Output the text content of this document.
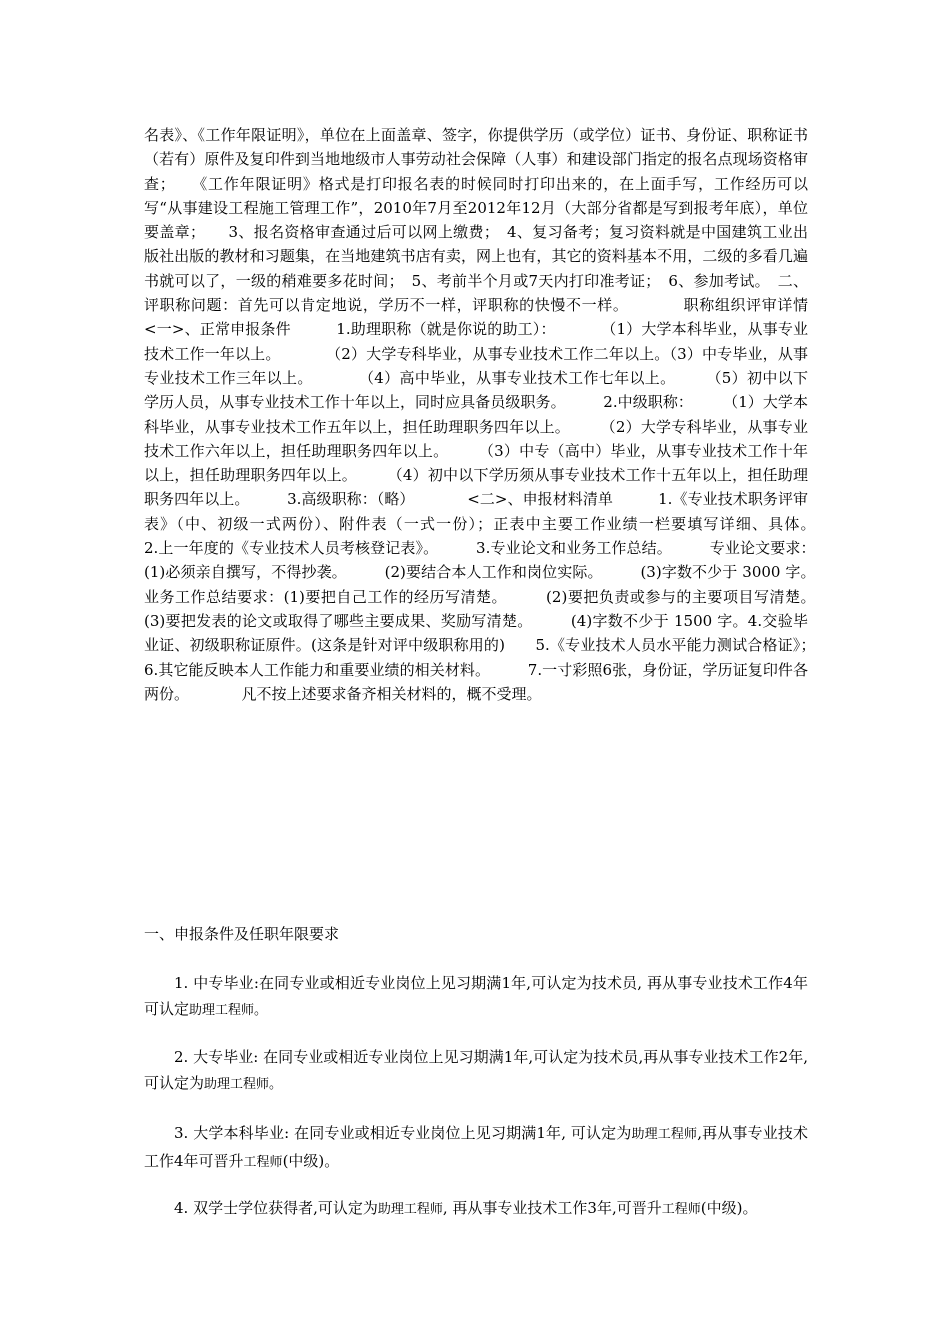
名表》、《工作年限证明》，单位在上面盖章、签字，你提供学历（或学位）证书、身份证、职称证书（若有）原件及复印件到当地地级市人事劳动社会保障（人事）和建设部门指定的报名点现场资格审查；　　《工作年限证明》格式是打印报名表的时候同时打印出来的，在上面手写，工作经历可以写“从事建设工程施工管理工作”，2010年7月至2012年12月（大部分省都是写到报考年底），单位要盖章；　　3、报名资格审查通过后可以网上缴费；　4、复习备考；复习资料就是中国建筑工业出版社出版的教材和习题集，在当地建筑书店有卖，网上也有，其它的资料基本不用，二级的多看几遍书就可以了，一级的稍难要多花时间；　5、考前半个月或7天内打印准考证；　6、参加考试。　二、评职称问题：首先可以肯定地说，学历不一样，评职称的快慢不一样。　　　　职称组织评审详情　<一>、正常申报条件　　　1.助理职称（就是你说的助工）：　　　　（1）大学本科毕业，从事专业技术工作一年以上。　　　　（2）大学专科毕业，从事专业技术工作二年以上。（3）中专毕业，从事专业技术工作三年以上。　　　　（4）高中毕业，从事专业技术工作七年以上。　　　（5）初中以下学历人员，从事专业技术工作十年以上，同时应具备员级职务。　　　2.中级职称：　　　（1）大学本科毕业，从事专业技术工作五年以上，担任助理职务四年以上。　　　（2）大学专科毕业，从事专业技术工作六年以上，担任助理职务四年以上。　　　（3）中专（高中）毕业，从事专业技术工作十年以上，担任助理职务四年以上。　　　（4）初中以下学历须从事专业技术工作十五年以上，担任助理职务四年以上。　　　3.高级职称：（略）　　　　<二>、申报材料清单　　　1.《专业技术职务评审表》（中、初级一式两份）、附件表（一式一份）；正表中主要工作业绩一栏要填写详细、具体。　　　2.上一年度的《专业技术人员考核登记表》。　　　3.专业论文和业务工作总结。　　　专业论文要求：　　　(1)必须亲自撰写，不得抄袭。　　　(2)要结合本人工作和岗位实际。　　　(3)字数不少于 3000 字。　　　业务工作总结要求：(1)要把自己工作的经历写清楚。　　　(2)要把负责或参与的主要项目写清楚。　　　(3)要把发表的论文或取得了哪些主要成果、奖励写清楚。　　　(4)字数不少于 1500 字。4.交验毕业证、初级职称证原件。(这条是针对评中级职称用的)　　5.《专业技术人员水平能力测试合格证》；　　　6.其它能反映本人工作能力和重要业绩的相关材料。　　　7.一寸彩照6张，身份证，学历证复印件各两份。　　　　凡不按上述要求备齐相关材料的，概不受理。

一、申报条件及任职年限要求

1. 中专毕业:在同专业或相近专业岗位上见习期满1年,可认定为技术员, 再从事专业技术工作4年可认定助理工程师。

2. 大专毕业: 在同专业或相近专业岗位上见习期满1年,可认定为技术员,再从事专业技术工作2年,可认定为助理工程师。

3. 大学本科毕业: 在同专业或相近专业岗位上见习期满1年, 可认定为助理工程师,再从事专业技术工作4年可晋升工程师(中级)。

4. 双学士学位获得者,可认定为助理工程师, 再从事专业技术工作3年,可晋升工程师(中级)。
